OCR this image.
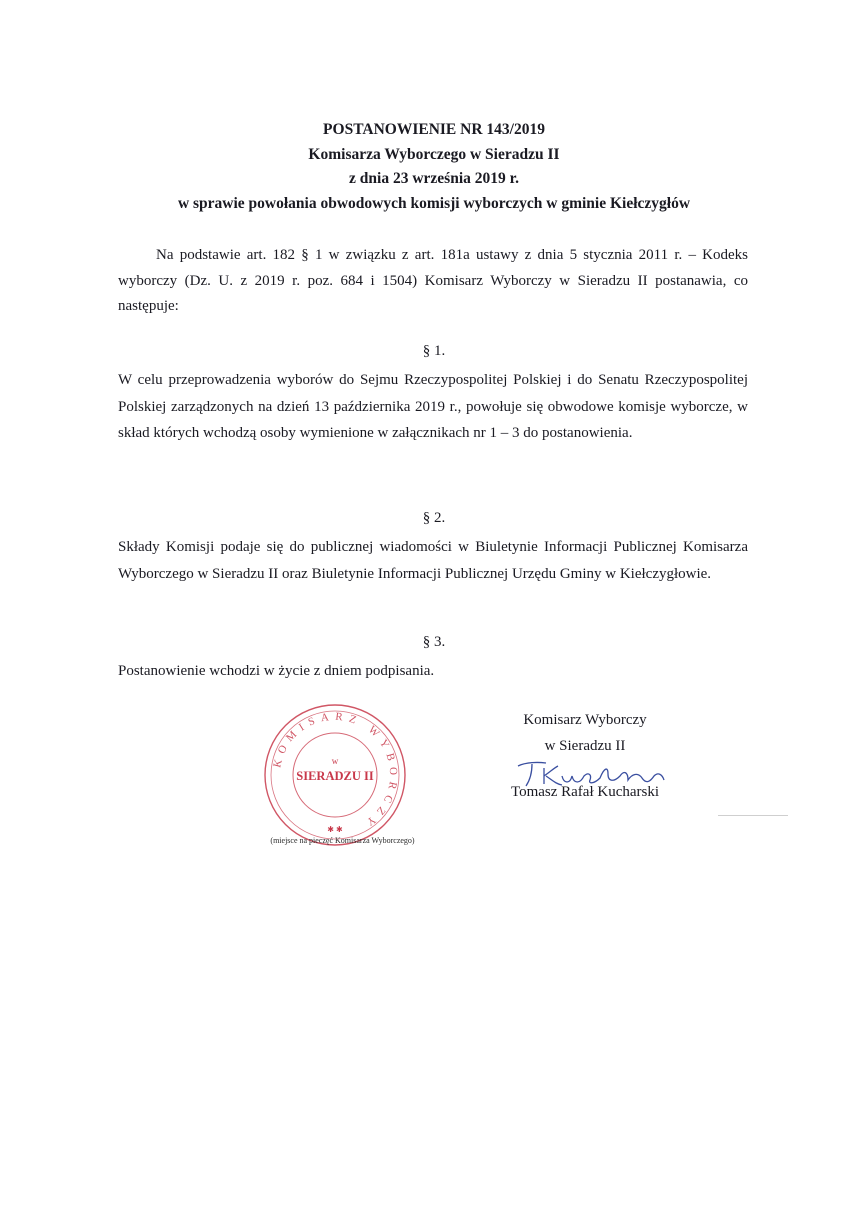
POSTANOWIENIE NR 143/2019
Komisarza Wyborczego w Sieradzu II
z dnia 23 września 2019 r.
w sprawie powołania obwodowych komisji wyborczych w gminie Kiełczygłów

Na podstawie art. 182 § 1 w związku z art. 181a ustawy z dnia 5 stycznia 2011 r. – Kodeks wyborczy (Dz. U. z 2019 r. poz. 684 i 1504) Komisarz Wyborczy w Sieradzu II postanawia, co następuje:

§ 1.

W celu przeprowadzenia wyborów do Sejmu Rzeczypospolitej Polskiej i do Senatu Rzeczypospolitej Polskiej zarządzonych na dzień 13 października 2019 r., powołuje się obwodowe komisje wyborcze, w skład których wchodzą osoby wymienione w załącznikach nr 1 – 3 do postanowienia.

§ 2.

Składy Komisji podaje się do publicznej wiadomości w Biuletynie Informacji Publicznej Komisarza Wyborczego w Sieradzu II oraz Biuletynie Informacji Publicznej Urzędu Gminy w Kiełczygłowie.

§ 3.

Postanowienie wchodzi w życie z dniem podpisania.

KOMISARZ WYBORCZY
w
SIERADZU II
✱ ✱
(miejsce na pieczęć Komisarza Wyborczego)
Komisarz Wyborczy
w Sieradzu II
Tomasz Rafał Kucharski
